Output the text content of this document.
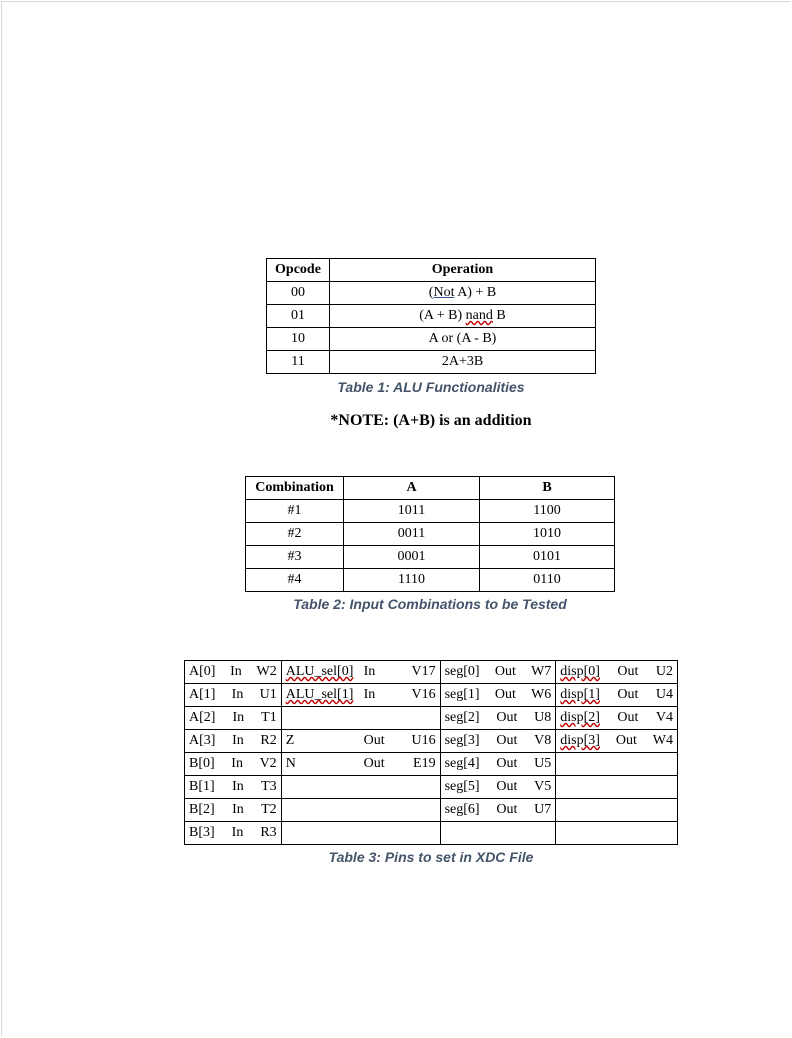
Opcode	Operation
00	(Not A) + B
01	(A + B) nand B
10	A or (A - B)
11	2A+3B
Table 1: ALU Functionalities
*NOTE: (A+B) is an addition
Combination	A	B
#1	1011	1100
#2	0011	1010
#3	0001	0101
#4	1110	0110
Table 2: Input Combinations to be Tested
A[0] In W2	ALU_sel[0] In V17	seg[0] Out W7	disp[0] Out U2

A[1] In U1	ALU_sel[1] In V16	seg[1] Out W6	disp[1] Out U4

A[2] In T1		seg[2] Out U8	disp[2] Out V4

A[3] In R2	Z Out U16	seg[3] Out V8	disp[3] Out W4

B[0] In V2	N Out E19	seg[4] Out U5	

B[1] In T3		seg[5] Out V5	

B[2] In T2		seg[6] Out U7	

B[3] In R3			

Table 3: Pins to set in XDC File
